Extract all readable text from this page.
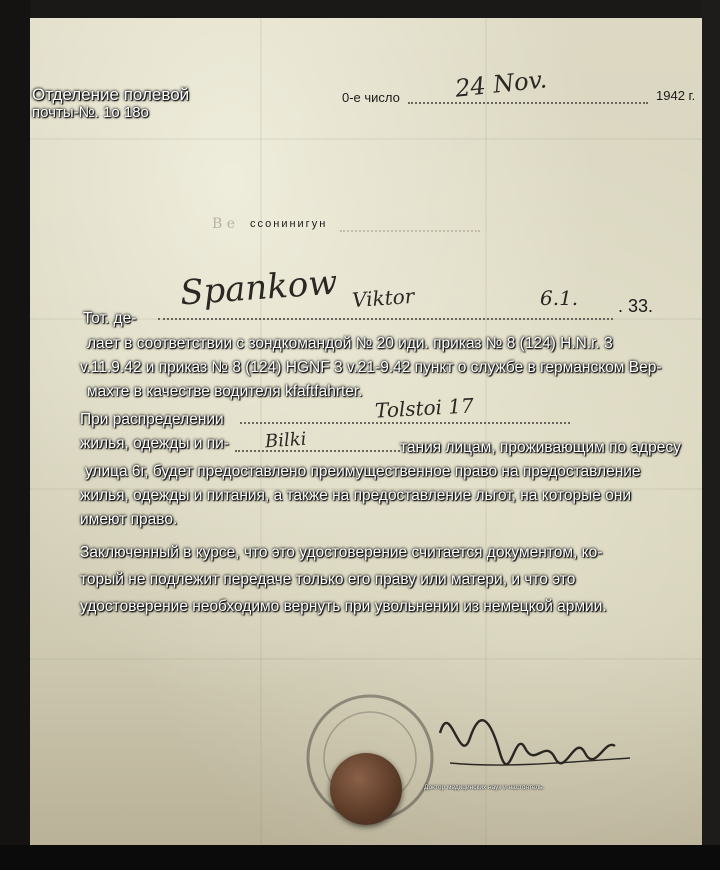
Отделение полевой
почты-№. 1о 18о
0-е число 24 Nov.	1942 г.
B e ссонинигун
Spankow Viktor	6.1. . 33.
Тот. де-
лает в соответствии с зондкомандой № 20 иди. приказ № 8 (124) H.N.r. 3
v.11.9.42 и приказ № 8 (124) HGNF 3 v.21-9.42 пункт о службе в германском Вер-
махте в качестве водителя kfaftfahrter.
Tolstoi 17
Bilki
При распределении
жилья, одежды и пи-	тания лицам, проживающим по адресу
улица 6г, будет предоставлено преимущественное право на предоставление
жилья, одежды и питания, а также на предоставление льгот, на которые они
имеют право.
Заключенный в курсе, что это удостоверение считается документом, ко-
торый не подлежит передаче только его праву или матери, и что это
удостоверение необходимо вернуть при увольнении из немецкой армии.
Доктор медицинских наук и настоятель.
